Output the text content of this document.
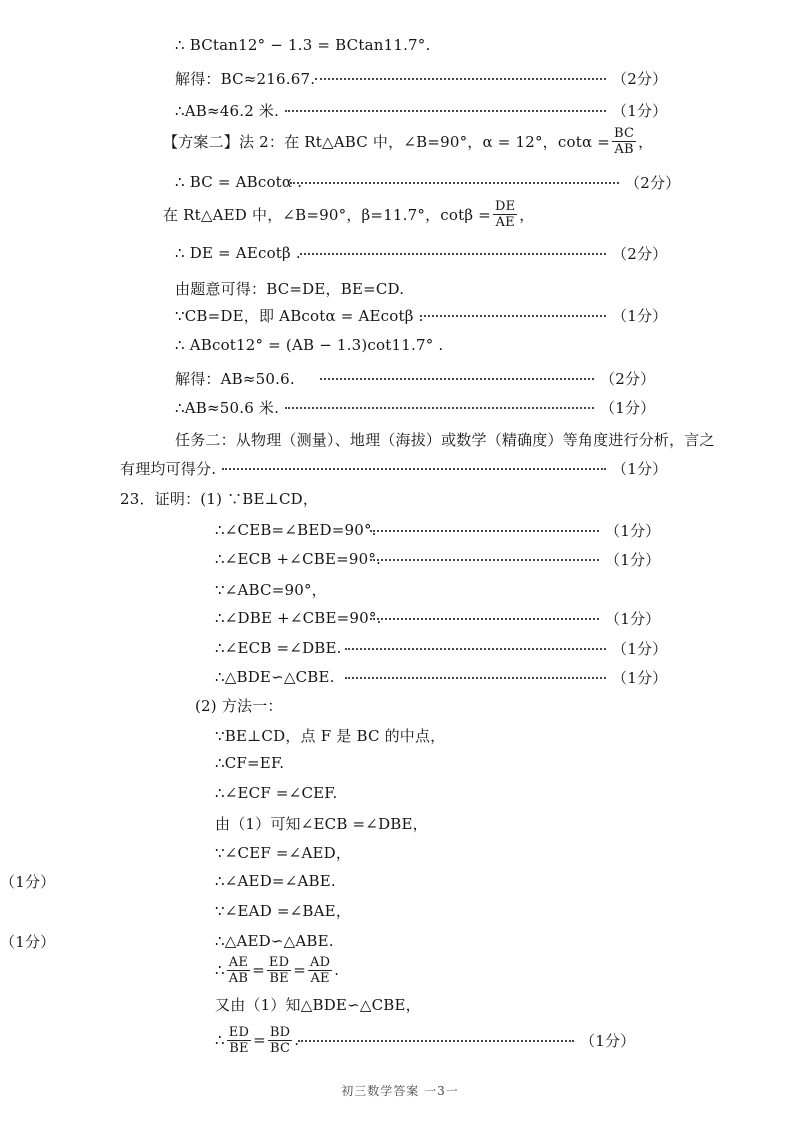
∴ BCtan12° − 1.3 = BCtan11.7°.
解得：BC≈216.67.	（2分）
∴AB≈46.2 米.	（1分）
【方案二】法 2：在 Rt△ABC 中，∠B=90°，α = 12°，$\cot\alpha = \frac{BC}{AB}$ ，
∴ BC = ABcotα .	（2分）
在 Rt△AED 中，∠B=90°，β=11.7°，$\cot\beta = \frac{DE}{AE}$ ，
∴ DE = AEcotβ .	（2分）
由题意可得：BC=DE，BE=CD.
∵CB=DE，即 ABcotα = AEcotβ .	（1分）
∴ ABcot12° = (AB − 1.3)cot11.7° .
解得：AB≈50.6.	（2分）
∴AB≈50.6 米.	（1分）
任务二：从物理（测量）、地理（海拔）或数学（精确度）等角度进行分析，言之
有理均可得分.	（1分）
23．证明：(1) ∵BE⊥CD，
∴∠CEB=∠BED=90°.	（1分）
∴∠ECB +∠CBE=90°.	（1分）
∵∠ABC=90°，
∴∠DBE +∠CBE=90°.	（1分）
∴∠ECB =∠DBE.	（1分）
∴△BDE∽△CBE.	（1分）
(2) 方法一：
∵BE⊥CD，点 F 是 BC 的中点，
∴CF=EF.
∴∠ECF =∠CEF.
由（1）可知∠ECB =∠DBE，
∵∠CEF =∠AED，
∴∠AED=∠ABE.
（1分）
∵∠EAD =∠BAE，
∴△AED∽△ABE.
（1分）
∴ $\frac{AE}{AB} = \frac{ED}{BE} = \frac{AD}{AE}$ .
又由（1）知△BDE∽△CBE，
∴ $\frac{ED}{BE} = \frac{BD}{BC}$ .	（1分）
初三数学答案 一3一
